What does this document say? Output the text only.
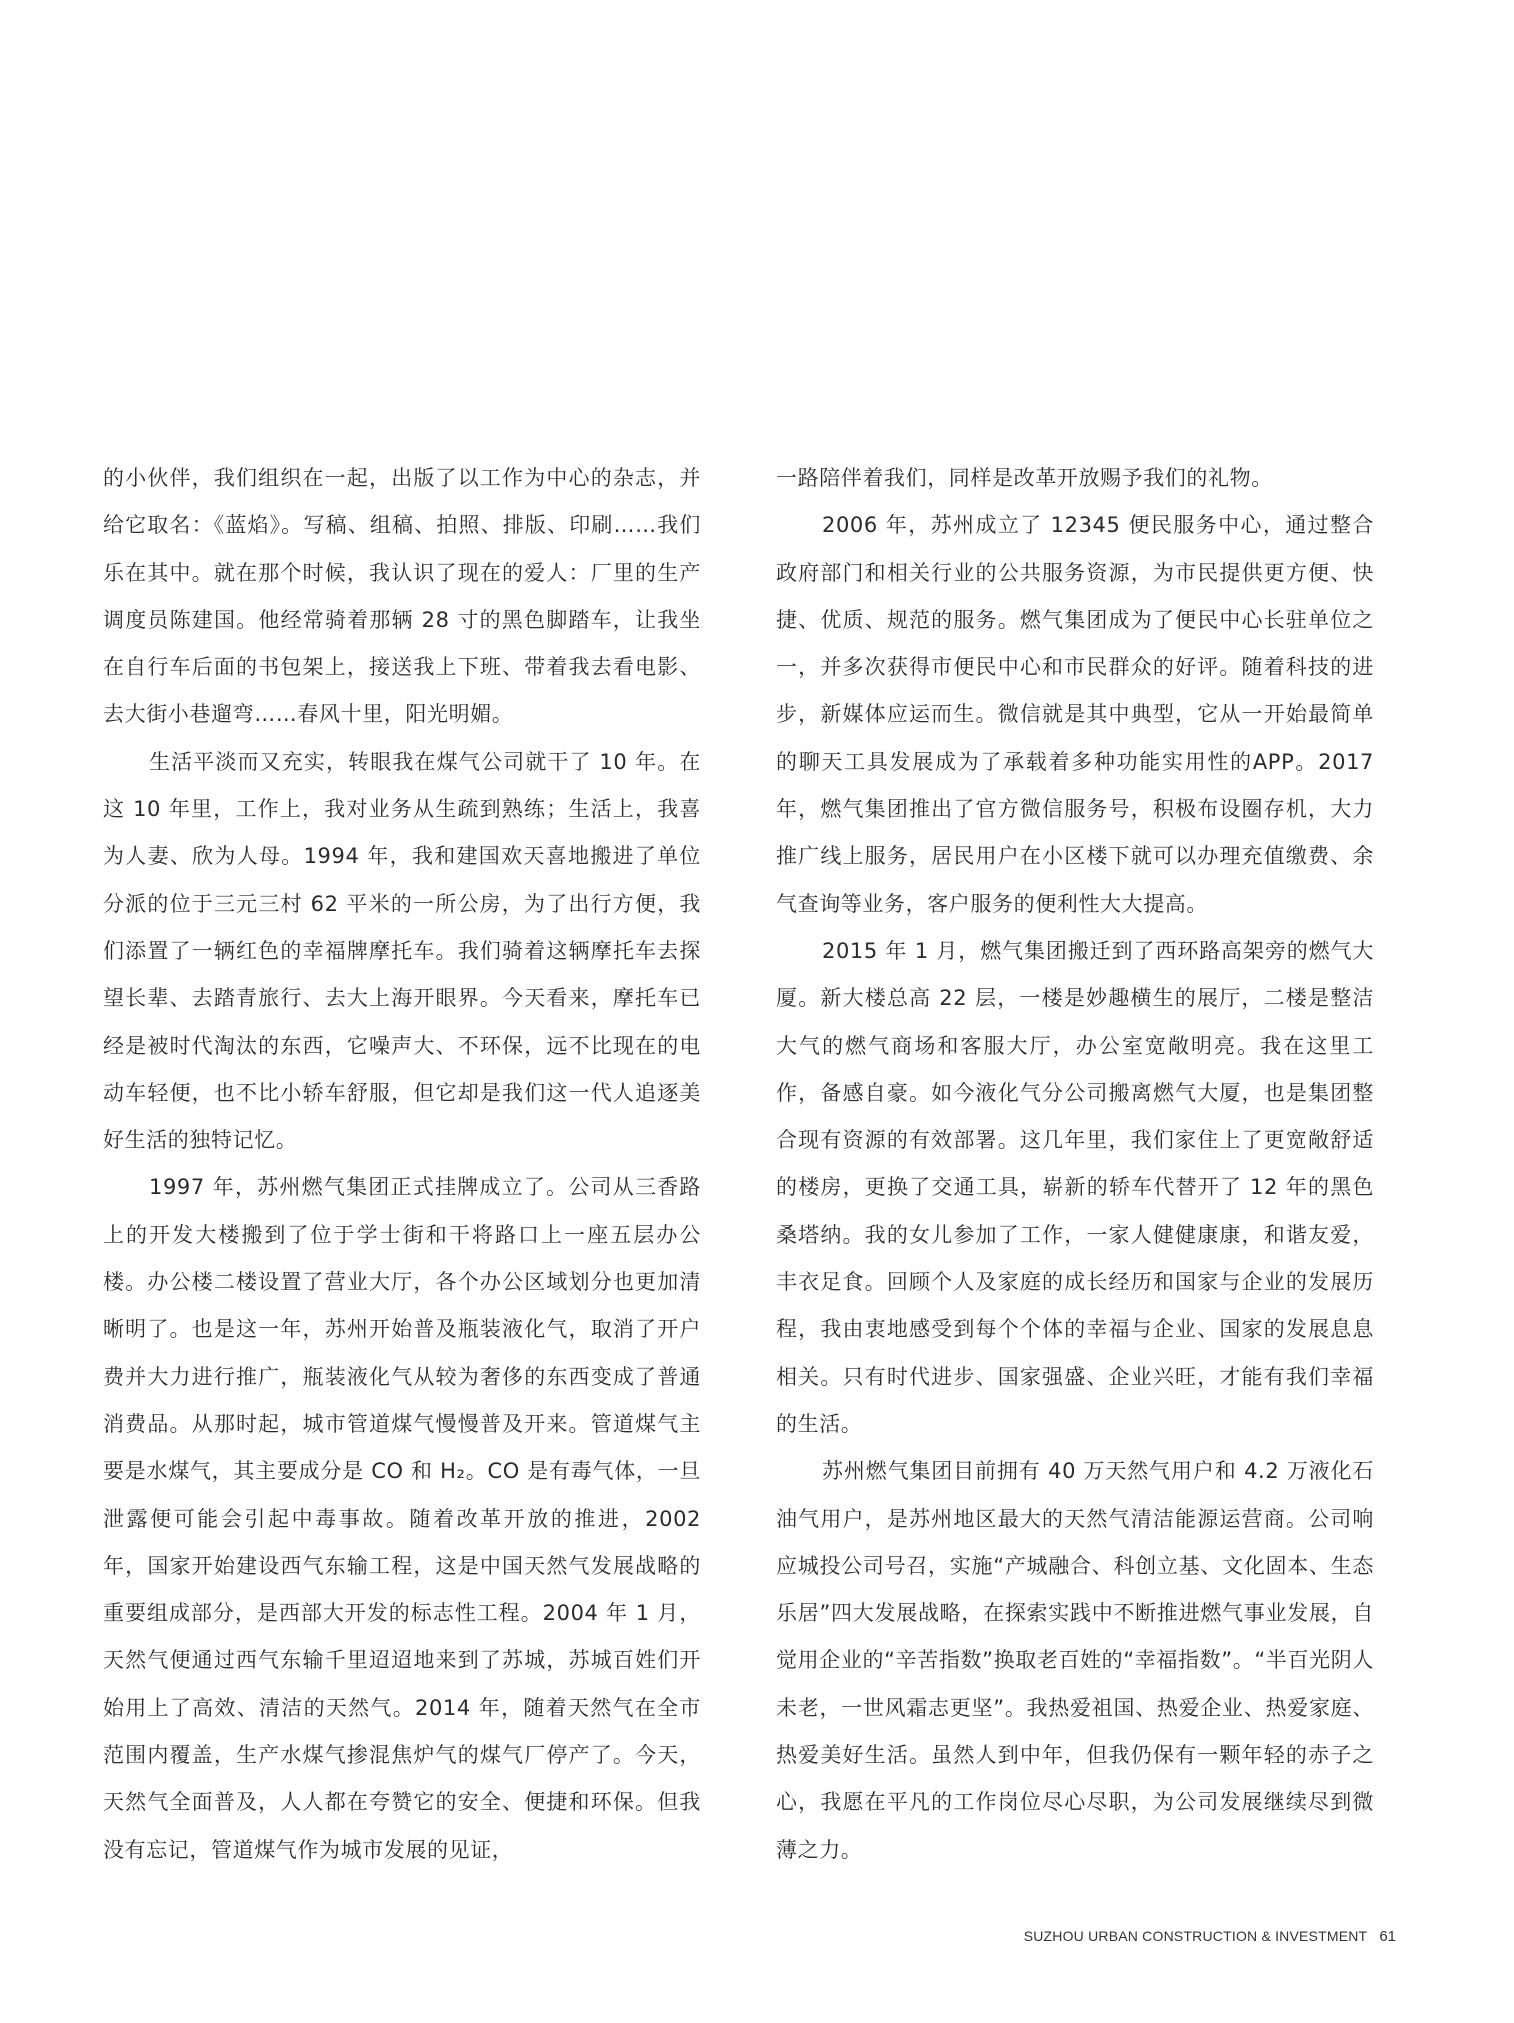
的小伙伴，我们组织在一起，出版了以工作为中心的杂志，并给它取名：《蓝焰》。写稿、组稿、拍照、排版、印刷……我们乐在其中。就在那个时候，我认识了现在的爱人：厂里的生产调度员陈建国。他经常骑着那辆 28 寸的黑色脚踏车，让我坐在自行车后面的书包架上，接送我上下班、带着我去看电影、去大街小巷遛弯……春风十里，阳光明媚。

生活平淡而又充实，转眼我在煤气公司就干了 10 年。在这 10 年里，工作上，我对业务从生疏到熟练；生活上，我喜为人妻、欣为人母。1994 年，我和建国欢天喜地搬进了单位分派的位于三元三村 62 平米的一所公房，为了出行方便，我们添置了一辆红色的幸福牌摩托车。我们骑着这辆摩托车去探望长辈、去踏青旅行、去大上海开眼界。今天看来，摩托车已经是被时代淘汰的东西，它噪声大、不环保，远不比现在的电动车轻便，也不比小轿车舒服，但它却是我们这一代人追逐美好生活的独特记忆。

1997 年，苏州燃气集团正式挂牌成立了。公司从三香路上的开发大楼搬到了位于学士街和干将路口上一座五层办公楼。办公楼二楼设置了营业大厅，各个办公区域划分也更加清晰明了。也是这一年，苏州开始普及瓶装液化气，取消了开户费并大力进行推广，瓶装液化气从较为奢侈的东西变成了普通消费品。从那时起，城市管道煤气慢慢普及开来。管道煤气主要是水煤气，其主要成分是 CO 和 H₂。CO 是有毒气体，一旦泄露便可能会引起中毒事故。随着改革开放的推进，2002 年，国家开始建设西气东输工程，这是中国天然气发展战略的重要组成部分，是西部大开发的标志性工程。2004 年 1 月，天然气便通过西气东输千里迢迢地来到了苏城，苏城百姓们开始用上了高效、清洁的天然气。2014 年，随着天然气在全市范围内覆盖，生产水煤气掺混焦炉气的煤气厂停产了。今天，天然气全面普及，人人都在夸赞它的安全、便捷和环保。但我没有忘记，管道煤气作为城市发展的见证，

一路陪伴着我们，同样是改革开放赐予我们的礼物。

2006 年，苏州成立了 12345 便民服务中心，通过整合政府部门和相关行业的公共服务资源，为市民提供更方便、快捷、优质、规范的服务。燃气集团成为了便民中心长驻单位之一，并多次获得市便民中心和市民群众的好评。随着科技的进步，新媒体应运而生。微信就是其中典型，它从一开始最简单的聊天工具发展成为了承载着多种功能实用性的APP。2017 年，燃气集团推出了官方微信服务号，积极布设圈存机，大力推广线上服务，居民用户在小区楼下就可以办理充值缴费、余气查询等业务，客户服务的便利性大大提高。

2015 年 1 月，燃气集团搬迁到了西环路高架旁的燃气大厦。新大楼总高 22 层，一楼是妙趣横生的展厅，二楼是整洁大气的燃气商场和客服大厅，办公室宽敞明亮。我在这里工作，备感自豪。如今液化气分公司搬离燃气大厦，也是集团整合现有资源的有效部署。这几年里，我们家住上了更宽敞舒适的楼房，更换了交通工具，崭新的轿车代替开了 12 年的黑色桑塔纳。我的女儿参加了工作，一家人健健康康，和谐友爱，丰衣足食。回顾个人及家庭的成长经历和国家与企业的发展历程，我由衷地感受到每个个体的幸福与企业、国家的发展息息相关。只有时代进步、国家强盛、企业兴旺，才能有我们幸福的生活。

苏州燃气集团目前拥有 40 万天然气用户和 4.2 万液化石油气用户，是苏州地区最大的天然气清洁能源运营商。公司响应城投公司号召，实施“产城融合、科创立基、文化固本、生态乐居”四大发展战略，在探索实践中不断推进燃气事业发展，自觉用企业的“辛苦指数”换取老百姓的“幸福指数”。“半百光阴人未老，一世风霜志更坚”。我热爱祖国、热爱企业、热爱家庭、热爱美好生活。虽然人到中年，但我仍保有一颗年轻的赤子之心，我愿在平凡的工作岗位尽心尽职，为公司发展继续尽到微薄之力。

SUZHOU URBAN CONSTRUCTION & INVESTMENT 61
